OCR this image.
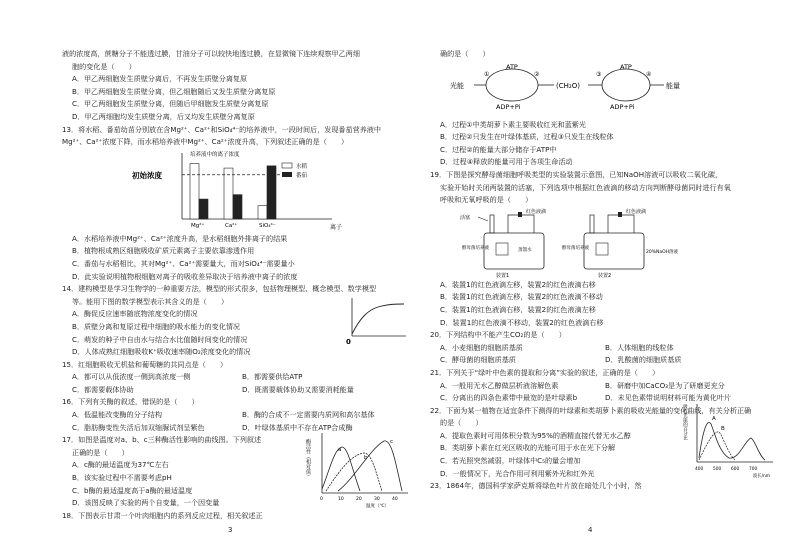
液的浓度高，蔗糖分子不能透过膜，甘油分子可以较快地透过膜，在显微镜下连续观察甲乙两细
胞的变化是（　　）
A．甲乙两细胞发生质壁分离后，不再发生质壁分离复原
B．甲乙两细胞发生质壁分离，但乙细胞随后又发生质壁分离复原
C．甲乙两细胞发生质壁分离，但随后甲细胞发生质壁分离复原
D．甲乙两细胞均发生质壁分离，后又均发生质壁分离复原
13．将水稻、番茄幼苗分别放在含Mg²⁺、Ca²⁺和SiO₄⁴⁻的培养液中，一段时间后，发现番茄营养液中
Mg²⁺、Ca²⁺浓度下降，而水稻培养液中Mg²⁺、Ca²⁺浓度升高，下列叙述正确的是（　　）
培养液中的离子浓度
初始浓度
离子
Mg²⁺	Ca²⁺	SiO₄⁴⁻
水稻
番茄
A．水稻培养液中Mg²⁺、Ca²⁺浓度升高，是水稻细胞外排离子的结果
B．植物根成熟区细胞吸收矿质元素离子主要依靠渗透作用
C．番茄与水稻相比，其对Mg²⁺、Ca²⁺需要量大，而对SiO₄⁴⁻需要量小
D．此实验说明植物根细胞对离子的吸收差异取决于培养液中离子的浓度
14．建构模型是学习生物学的一种重要方法，模型的形式很多，包括物理模型、概念模型、数学模型
等。能用下图的数学模型表示其含义的是（　　）
A．酶促反应速率随底物浓度变化的情况
B．质壁分离和复原过程中细胞的吸水能力的变化情况
C．萌发的种子中自由水与结合水比值随时间变化的情况
D．人体成熟红细胞吸收K⁺吸收速率随O₂浓度变化的情况
0
15．红细胞吸收无机盐和葡萄糖的共同点是（　　）
A．都可以从低浓度一侧到高浓度一侧	B．都需要供给ATP
C．都需要载体协助	D．既需要载体协助又需要消耗能量
16．下列有关酶的叙述，错误的是（　　）
A．低温能改变酶的分子结构	B．酶的合成不一定需要内质网和高尔基体
C．脂肪酶变性失活后加双缩脲试剂呈紫色	D．叶绿体基质中不存在ATP合成酶
17．如图是温度对a、b、c三种酶活性影响的曲线图。下列叙述
正确的是（　　）
A．c酶的最适温度为37℃左右
B．该实验过程中不需要考虑pH
C．b酶的最适温度高于a酶的最适温度
D．该图反映了实验的两个自变量，一个因变量
酶活性（相对值）	a
b
c
0	10	20	30	40
温度（℃）
18．下图表示甘肃一个叶肉细胞内的系列反应过程，相关叙述正
确的是（　　）
光能
ATP
ADP+Pi
①	②
(CH₂O)
ATP
ADP+Pi
③	④
能量
A．过程①中类胡萝卜素主要吸收红光和蓝紫光
B．过程②只发生在叶绿体基质，过程③只发生在线粒体
C．过程②的能量大部分储存于ATP中
D．过程④释放的能量可用于各项生命活动
19．下图是探究酵母菌细胞呼吸类型的实验装置示意图，已知NaOH溶液可以吸收二氧化碳，
实验开始时关闭两装置的活塞，下列选项中根据红色液滴的移动方向判断酵母菌同时进行有氧
呼吸和无氧呼吸的是（　　）
活塞
红色液滴
酵母菌培养液	蒸馏水
装置1
红色液滴
酵母菌培养液
20%NaOH溶液
装置2
A．装置1的红色液滴左移，装置2的红色液滴右移
B．装置1的红色液滴左移，装置2的红色液滴不移动
C．装置1的红色液滴右移，装置2的红色液滴左移
D．装置1的红色液滴不移动，装置2的红色液滴右移
20．下列结构中不能产生CO₂的是（　　）
A．小麦细胞的细胞质基质	B．人体细胞的线粒体
C．酵母菌的细胞质基质	D．乳酸菌的细胞质基质
21．下列关于“绿叶中色素的提取和分离”实验的叙述，正确的是（　　）
A．一般用无水乙醇做层析液溶解色素	B．研磨中加CaCO₃是为了研磨更充分
C．分离出的四条色素带中最宽的是叶绿素b	D．未见色素带说明材料可能为黄化叶片
22．下面为某一植物在适宜条件下测得的叶绿素和类胡萝卜素的吸收光能量的变化曲线，有关分析正确
的是（　　）
A．提取色素时可用体积分数为95%的酒精直接代替无水乙醇
B．类胡萝卜素在红光区吸收的光能可用于水在光下分解
C．若光照突然减弱，叶绿体中C₅的量会增加
D．一般情况下，光合作用可利用紫外光和红外光
吸收光能的百分比	A
B
400 500 600 700
波长/nm
23．1864年，德国科学家萨克斯将绿色叶片放在暗处几个小时，然
3	4
